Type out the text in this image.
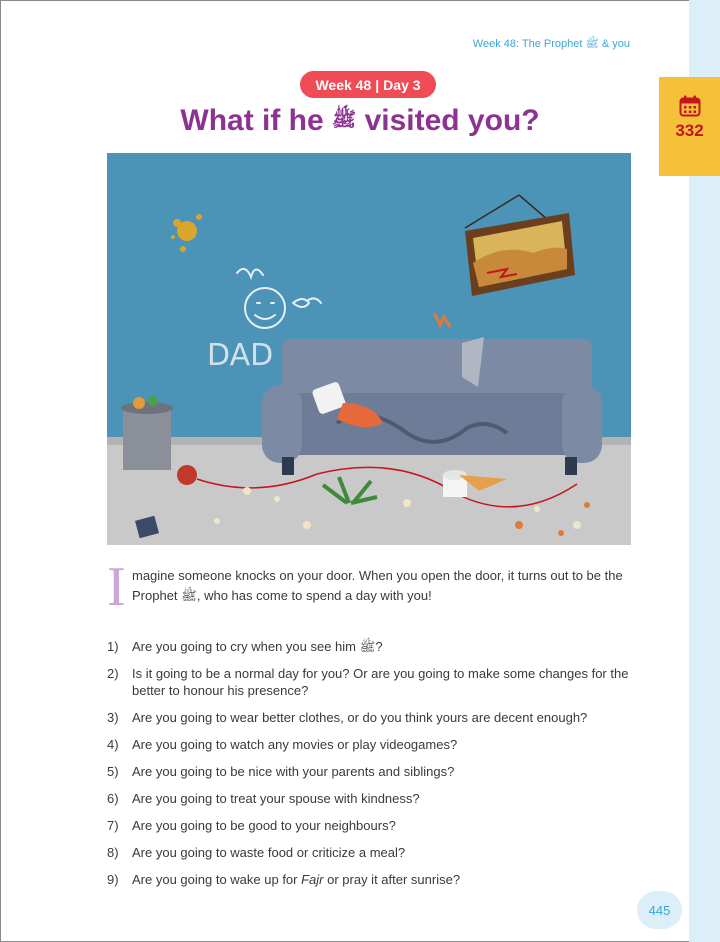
Week 48: The Prophet ﷺ & you
332
Week 48 | Day 3
What if he ﷺ visited you?
DAD
I magine someone knocks on your door. When you open the door, it turns out to be the Prophet ﷺ, who has come to spend a day with you!
1)	Are you going to cry when you see him ﷺ?
2)	Is it going to be a normal day for you? Or are you going to make some changes for the better to honour his presence?
3)	Are you going to wear better clothes, or do you think yours are decent enough?
4)	Are you going to watch any movies or play videogames?
5)	Are you going to be nice with your parents and siblings?
6)	Are you going to treat your spouse with kindness?
7)	Are you going to be good to your neighbours?
8)	Are you going to waste food or criticize a meal?
9)	Are you going to wake up for Fajr or pray it after sunrise?
445
